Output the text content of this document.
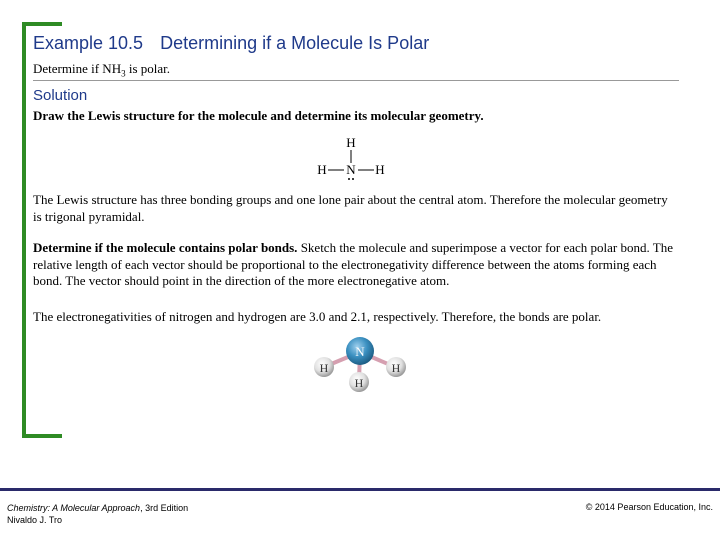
Example 10.5 Determining if a Molecule Is Polar
Determine if $NH_3$ is polar.
Solution
Draw the Lewis structure for the molecule and determine its molecular geometry.
H
H N H
The Lewis structure has three bonding groups and one lone pair about the central atom. Therefore the molecular geometry is trigonal pyramidal.
Determine if the molecule contains polar bonds. Sketch the molecule and superimpose a vector for each polar bond. The relative length of each vector should be proportional to the electronegativity difference between the atoms forming each bond. The vector should point in the direction of the more electronegative atom.
The electronegativities of nitrogen and hydrogen are 3.0 and 2.1, respectively. Therefore, the bonds are polar.
N
H	H
H
Chemistry: A Molecular Approach, 3rd Edition
Nivaldo J. Tro
© 2014 Pearson Education, Inc.
